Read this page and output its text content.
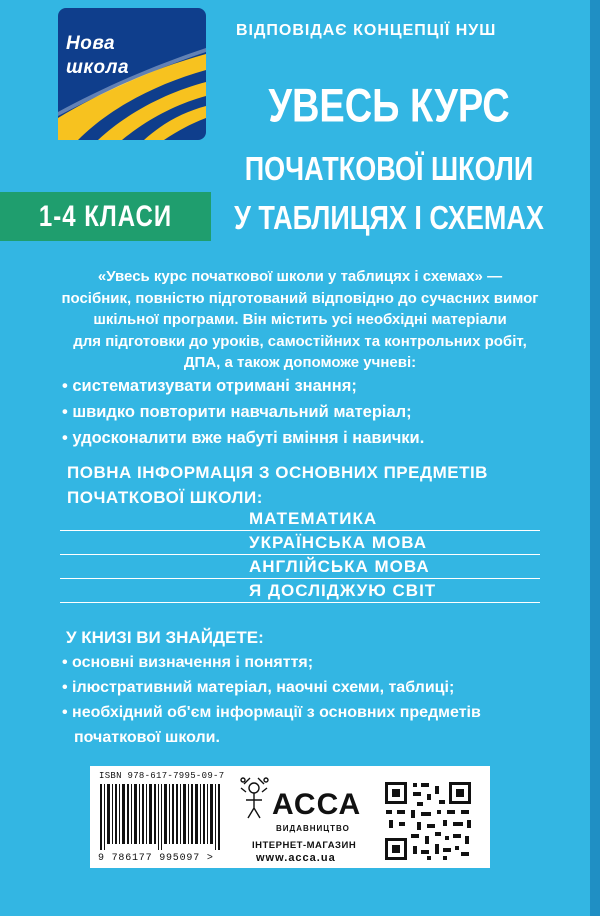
Нова
школа
ВІДПОВІДАЄ КОНЦЕПЦІЇ НУШ
УВЕСЬ КУРС
ПОЧАТКОВОЇ ШКОЛИ
У ТАБЛИЦЯХ І СХЕМАХ
1-4 КЛАСИ

«Увесь курс початкової школи у таблицях і схемах» —

посібник, повністю підготований відповідно до сучасних вимог

шкільної програми. Він містить усі необхідні матеріали

для підготовки до уроків, самостійних та контрольних робіт,

ДПА, а також допоможе учневі:

• систематизувати отримані знання;
• швидко повторити навчальний матеріал;
• удосконалити вже набуті вміння і навички.
ПОВНА ІНФОРМАЦІЯ З ОСНОВНИХ ПРЕДМЕТІВ
ПОЧАТКОВОЇ ШКОЛИ:
МАТЕМАТИКА
УКРАЇНСЬКА МОВА
АНГЛІЙСЬКА МОВА
Я ДОСЛІДЖУЮ СВІТ
У КНИЗІ ВИ ЗНАЙДЕТЕ:
• основні визначення і поняття;
• ілюстративний матеріал, наочні схеми, таблиці;
• необхідний об'єм інформації з основних предметів
початкової школи.
ISBN 978-617-7995-09-7
9 786177 995097 >
АССА
ВИДАВНИЦТВО
ІНТЕРНЕТ-МАГАЗИН
www.acca.ua
